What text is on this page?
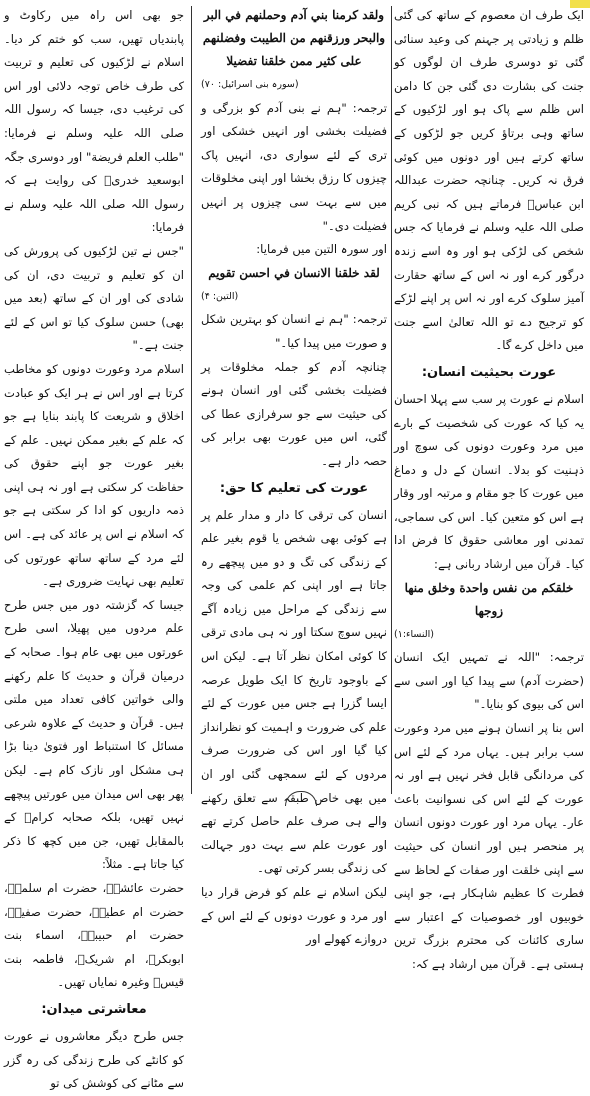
ایک طرف ان معصوم کے ساتھ کی گئی ظلم و زیادتی پر جہنم کی وعید سنائی گئی تو دوسری طرف ان لوگوں کو جنت کی بشارت دی گئی جن کا دامن اس ظلم سے پاک ہو اور لڑکیوں کے ساتھ وہی برتاؤ کریں جو لڑکوں کے ساتھ کرتے ہیں اور دونوں میں کوئی فرق نہ کریں۔ چنانچہ حضرت عبداللہ ابن عباسؓ فرماتے ہیں کہ نبی کریم صلی اللہ علیہ وسلم نے فرمایا کہ جس شخص کی لڑکی ہو اور وہ اسے زندہ درگور کرے اور نہ اس کے ساتھ حقارت آمیز سلوک کرے اور نہ اس پر اپنے لڑکے کو ترجیح دے تو اللہ تعالیٰ اسے جنت میں داخل کرے گا۔

عورت بحیثیت انسان:

اسلام نے عورت پر سب سے پہلا احسان یہ کیا کہ عورت کی شخصیت کے بارے میں مرد وعورت دونوں کی سوچ اور ذہنیت کو بدلا۔ انسان کے دل و دماغ میں عورت کا جو مقام و مرتبہ اور وقار ہے اس کو متعین کیا۔ اس کی سماجی، تمدنی اور معاشی حقوق کا فرض ادا کیا۔ قرآن میں ارشاد ربانی ہے:

خلقكم من نفس واحدة وخلق منها زوجها

(النساء:۱)

ترجمہ: "اللہ نے تمہیں ایک انسان (حضرت آدم) سے پیدا کیا اور اسی سے اس کی بیوی کو بنایا۔"

اس بنا پر انسان ہونے میں مرد وعورت سب برابر ہیں۔ یہاں مرد کے لئے اس کی مردانگی قابل فخر نہیں ہے اور نہ عورت کے لئے اس کی نسوانیت باعث عار۔ یہاں مرد اور عورت دونوں انسان پر منحصر ہیں اور انسان کی حیثیت سے اپنی خلقت اور صفات کے لحاظ سے فطرت کا عظیم شاہکار ہے، جو اپنی خوبیوں اور خصوصیات کے اعتبار سے ساری کائنات کی محترم بزرگ ترین ہستی ہے۔ قرآن میں ارشاد ہے کہ:

ولقد كرمنا بني آدم وحملنهم في البر والبحر ورزقنهم من الطيبت وفضلنهم على كثير ممن خلقنا تفضيلا

(سورہ بنی اسرائیل: ۷۰)

ترجمہ: "ہم نے بنی آدم کو بزرگی و فضیلت بخشی اور انہیں خشکی اور تری کے لئے سواری دی، انہیں پاک چیزوں کا رزق بخشا اور اپنی مخلوقات میں سے بہت سی چیزوں پر انہیں فضیلت دی۔"

اور سورہ التین میں فرمایا:

لقد خلقنا الانسان في احسن تقويم

(التین: ۴)

ترجمہ: "ہم نے انسان کو بہترین شکل و صورت میں پیدا کیا۔"

چنانچہ آدم کو جملہ مخلوقات پر فضیلت بخشی گئی اور انسان ہونے کی حیثیت سے جو سرفرازی عطا کی گئی، اس میں عورت بھی برابر کی حصہ دار ہے۔

عورت کی تعلیم کا حق:

انسان کی ترقی کا دار و مدار علم پر ہے کوئی بھی شخص یا قوم بغیر علم کے زندگی کی تگ و دو میں پیچھے رہ جاتا ہے اور اپنی کم علمی کی وجہ سے زندگی کے مراحل میں زیادہ آگے نہیں سوچ سکتا اور نہ ہی مادی ترقی کا کوئی امکان نظر آتا ہے۔ لیکن اس کے باوجود تاریخ کا ایک طویل عرصہ ایسا گزرا ہے جس میں عورت کے لئے علم کی ضرورت و اہمیت کو نظرانداز کیا گیا اور اس کی ضرورت صرف مردوں کے لئے سمجھی گئی اور ان میں بھی خاص طبقہ سے تعلق رکھنے والے ہی صرف علم حاصل کرتے تھے اور عورت علم سے بہت دور جہالت کی زندگی بسر کرتی تھی۔

لیکن اسلام نے علم کو فرض قرار دیا اور مرد و عورت دونوں کے لئے اس کے دروازے کھولے اور

جو بھی اس راہ میں رکاوٹ و پابندیاں تھیں، سب کو ختم کر دیا۔ اسلام نے لڑکیوں کی تعلیم و تربیت کی طرف خاص توجہ دلائی اور اس کی ترغیب دی، جیسا کہ رسول اللہ صلی اللہ علیہ وسلم نے فرمایا: "طلب العلم فريضة" اور دوسری جگہ ابوسعید خدریؓ کی روایت ہے کہ رسول اللہ صلی اللہ علیہ وسلم نے فرمایا:

"جس نے تین لڑکیوں کی پرورش کی ان کو تعلیم و تربیت دی، ان کی شادی کی اور ان کے ساتھ (بعد میں بھی) حسن سلوک کیا تو اس کے لئے جنت ہے۔"

اسلام مرد وعورت دونوں کو مخاطب کرتا ہے اور اس نے ہر ایک کو عبادت اخلاق و شریعت کا پابند بنایا ہے جو کہ علم کے بغیر ممکن نہیں۔ علم کے بغیر عورت جو اپنے حقوق کی حفاظت کر سکتی ہے اور نہ ہی اپنی ذمہ داریوں کو ادا کر سکتی ہے جو کہ اسلام نے اس پر عائد کی ہے۔ اس لئے مرد کے ساتھ ساتھ عورتوں کی تعلیم بھی نہایت ضروری ہے۔

جیسا کہ گزشتہ دور میں جس طرح علم مردوں میں پھیلا، اسی طرح عورتوں میں بھی عام ہوا۔ صحابہ کے درمیان قرآن و حدیث کا علم رکھنے والی خواتین کافی تعداد میں ملتی ہیں۔ قرآن و حدیث کے علاوہ شرعی مسائل کا استنباط اور فتویٰ دینا بڑا ہی مشکل اور نازک کام ہے۔ لیکن پھر بھی اس میدان میں عورتیں پیچھے نہیں تھیں، بلکہ صحابہ کرامؓ کے بالمقابل تھیں، جن میں کچھ کا ذکر کیا جاتا ہے۔ مثلاً:

حضرت عائشہؓ، حضرت ام سلمہؓ، حضرت ام عطیہؓ، حضرت صفیہؓ، حضرت ام حبیبہؓ، اسماء بنت ابوبکرؓ، ام شریکؓ، فاطمہ بنت قیسؓ وغیرہ نمایاں تھیں۔

معاشرتی میدان:

جس طرح دیگر معاشروں نے عورت کو کانٹے کی طرح زندگی کی رہ گزر سے مٹانے کی کوشش کی تو
